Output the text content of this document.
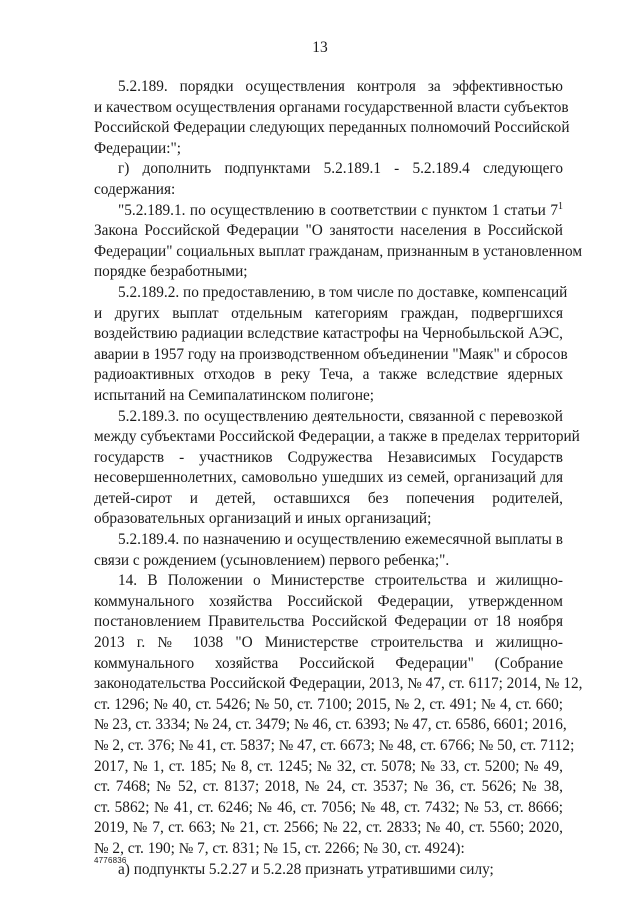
13
5.2.189. порядки осуществления контроля за эффективностью
и качеством осуществления органами государственной власти субъектов
Российской Федерации следующих переданных полномочий Российской
Федерации:";
г) дополнить подпунктами 5.2.189.1 - 5.2.189.4 следующего
содержания:
"5.2.189.1. по осуществлению в соответствии с пунктом 1 статьи $7^1$
Закона Российской Федерации "О занятости населения в Российской
Федерации" социальных выплат гражданам, признанным в установленном
порядке безработными;
5.2.189.2. по предоставлению, в том числе по доставке, компенсаций
и других выплат отдельным категориям граждан, подвергшихся
воздействию радиации вследствие катастрофы на Чернобыльской АЭС,
аварии в 1957 году на производственном объединении "Маяк" и сбросов
радиоактивных отходов в реку Теча, а также вследствие ядерных
испытаний на Семипалатинском полигоне;
5.2.189.3. по осуществлению деятельности, связанной с перевозкой
между субъектами Российской Федерации, а также в пределах территорий
государств - участников Содружества Независимых Государств
несовершеннолетних, самовольно ушедших из семей, организаций для
детей-сирот и детей, оставшихся без попечения родителей,
образовательных организаций и иных организаций;
5.2.189.4. по назначению и осуществлению ежемесячной выплаты в
связи с рождением (усыновлением) первого ребенка;".
14. В Положении о Министерстве строительства и жилищно-
коммунального хозяйства Российской Федерации, утвержденном
постановлением Правительства Российской Федерации от 18 ноября
2013 г. № 1038 "О Министерстве строительства и жилищно-
коммунального хозяйства Российской Федерации" (Собрание
законодательства Российской Федерации, 2013, № 47, ст. 6117; 2014, № 12,
ст. 1296; № 40, ст. 5426; № 50, ст. 7100; 2015, № 2, ст. 491; № 4, ст. 660;
№ 23, ст. 3334; № 24, ст. 3479; № 46, ст. 6393; № 47, ст. 6586, 6601; 2016,
№ 2, ст. 376; № 41, ст. 5837; № 47, ст. 6673; № 48, ст. 6766; № 50, ст. 7112;
2017, № 1, ст. 185; № 8, ст. 1245; № 32, ст. 5078; № 33, ст. 5200; № 49,
ст. 7468; № 52, ст. 8137; 2018, № 24, ст. 3537; № 36, ст. 5626; № 38,
ст. 5862; № 41, ст. 6246; № 46, ст. 7056; № 48, ст. 7432; № 53, ст. 8666;
2019, № 7, ст. 663; № 21, ст. 2566; № 22, ст. 2833; № 40, ст. 5560; 2020,
№ 2, ст. 190; № 7, ст. 831; № 15, ст. 2266; № 30, ст. 4924):
а) подпункты 5.2.27 и 5.2.28 признать утратившими силу;
4776836
